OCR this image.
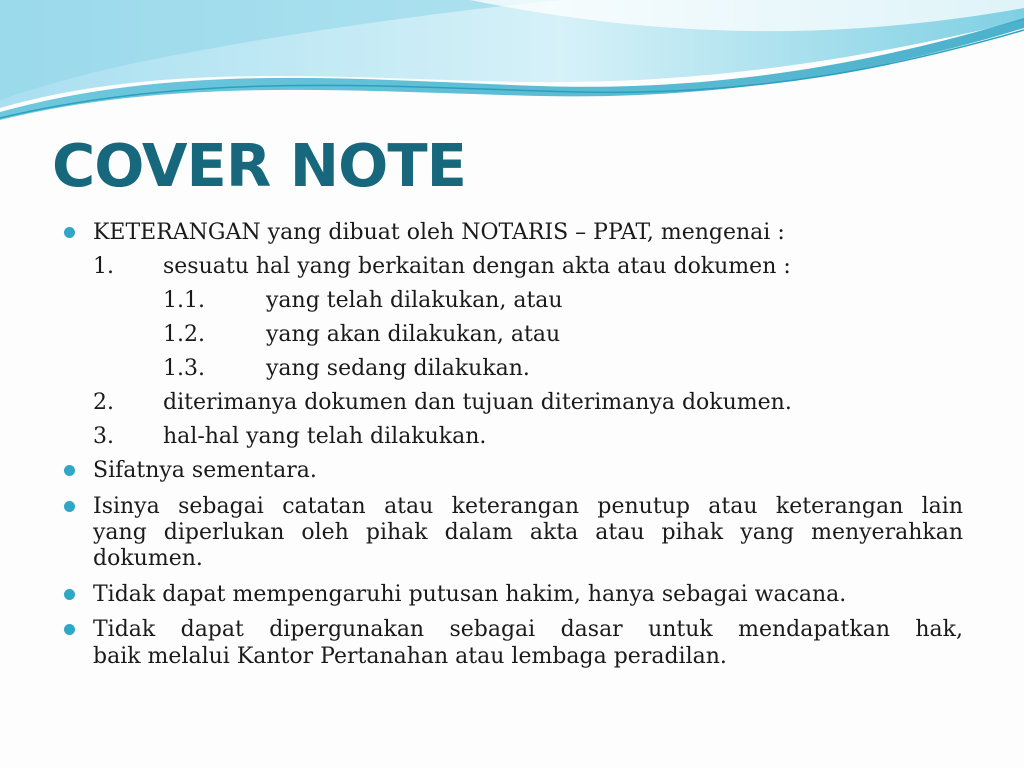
COVER NOTE
KETERANGAN yang dibuat oleh NOTARIS – PPAT, mengenai :
1. sesuatu hal yang berkaitan dengan akta atau dokumen :
1.1.	yang telah dilakukan, atau
1.2.	yang akan dilakukan, atau
1.3.	yang sedang dilakukan.
2. diterimanya dokumen dan tujuan diterimanya dokumen.
3. hal-hal yang telah dilakukan.
Sifatnya sementara.
Isinya sebagai catatan atau keterangan penutup atau keterangan lain
yang diperlukan oleh pihak dalam akta atau pihak yang menyerahkan
dokumen.
Tidak dapat mempengaruhi putusan hakim, hanya sebagai wacana.
Tidak dapat dipergunakan sebagai dasar untuk mendapatkan hak,
baik melalui Kantor Pertanahan atau lembaga peradilan.
